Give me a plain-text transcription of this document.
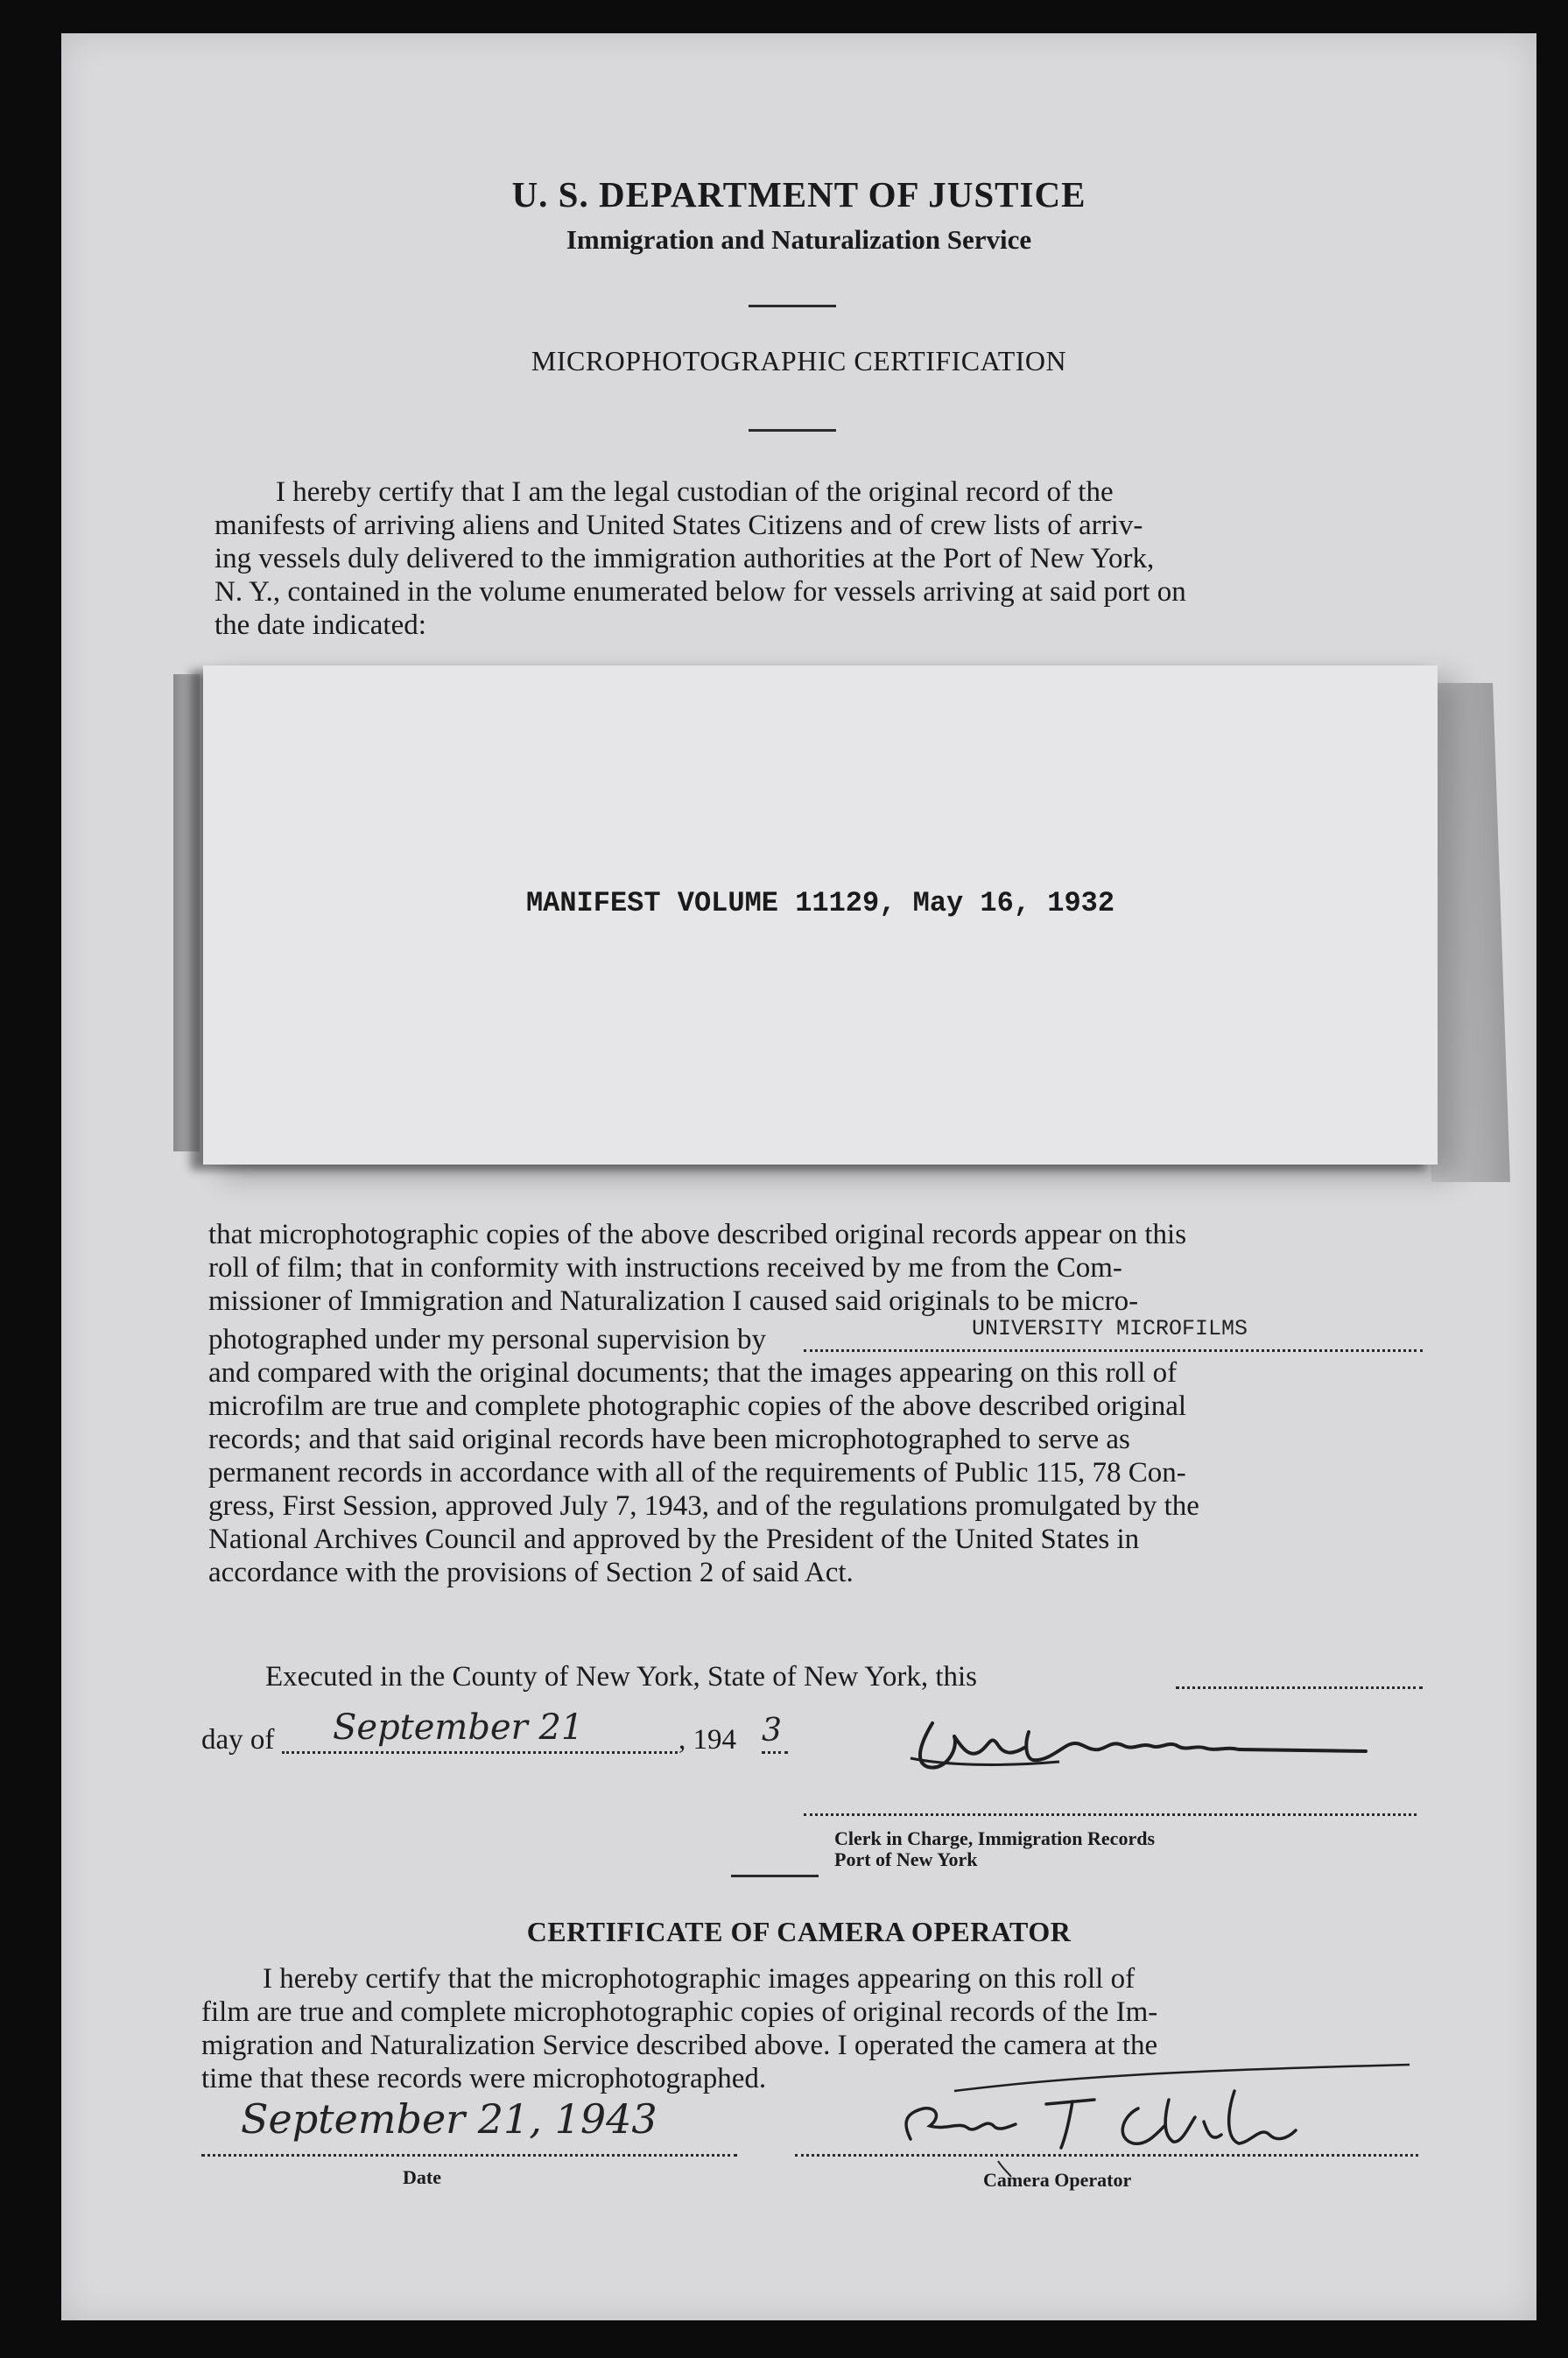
U. S. DEPARTMENT OF JUSTICE
Immigration and Naturalization Service
MICROPHOTOGRAPHIC CERTIFICATION
I hereby certify that I am the legal custodian of the original record of the
manifests of arriving aliens and United States Citizens and of crew lists of arriv-
ing vessels duly delivered to the immigration authorities at the Port of New York,
N. Y., contained in the volume enumerated below for vessels arriving at said port on
the date indicated:
MANIFEST VOLUME 11129, May 16, 1932
that microphotographic copies of the above described original records appear on this
roll of film; that in conformity with instructions received by me from the Com-
missioner of Immigration and Naturalization I caused said originals to be micro-
photographed under my personal supervision by	UNIVERSITY MICROFILMS
and compared with the original documents; that the images appearing on this roll of
microfilm are true and complete photographic copies of the above described original
records; and that said original records have been microphotographed to serve as
permanent records in accordance with all of the requirements of Public 115, 78 Con-
gress, First Session, approved July 7, 1943, and of the regulations promulgated by the
National Archives Council and approved by the President of the United States in
accordance with the provisions of Section 2 of said Act.
Executed in the County of New York, State of New York, this
day of September 21	, 194 3
Clerk in Charge, Immigration Records
Port of New York
CERTIFICATE OF CAMERA OPERATOR
I hereby certify that the microphotographic images appearing on this roll of
film are true and complete microphotographic copies of original records of the Im-
migration and Naturalization Service described above. I operated the camera at the
time that these records were microphotographed.
September 21, 1943
Date	Camera Operator
